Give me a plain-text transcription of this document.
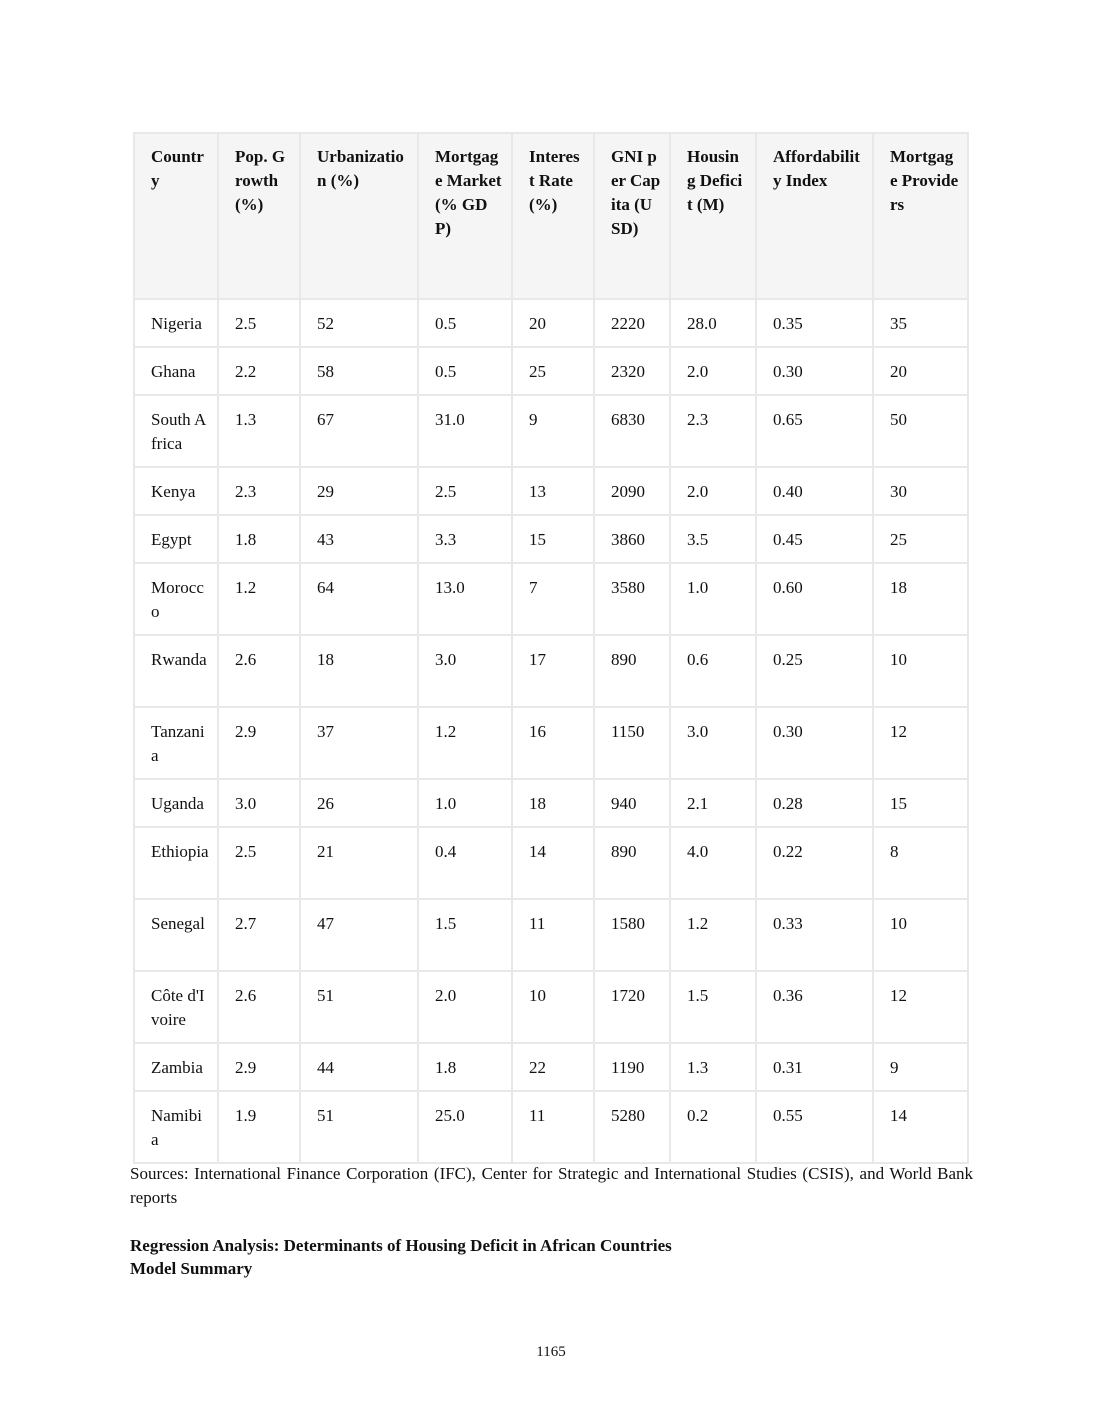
Country	Pop. Growth (%)	Urbanization (%)	Mortgage Market (% GDP)	Interest Rate (%)	GNI per Capita (USD)	Housing Deficit (M)	Affordability Index	Mortgage Providers
Nigeria	2.5	52	0.5	20	2220	28.0	0.35	35
Ghana	2.2	58	0.5	25	2320	2.0	0.30	20
South Africa	1.3	67	31.0	9	6830	2.3	0.65	50
Kenya	2.3	29	2.5	13	2090	2.0	0.40	30
Egypt	1.8	43	3.3	15	3860	3.5	0.45	25
Morocco	1.2	64	13.0	7	3580	1.0	0.60	18
Rwanda	2.6	18	3.0	17	890	0.6	0.25	10
Tanzania	2.9	37	1.2	16	1150	3.0	0.30	12
Uganda	3.0	26	1.0	18	940	2.1	0.28	15
Ethiopia	2.5	21	0.4	14	890	4.0	0.22	8
Senegal	2.7	47	1.5	11	1580	1.2	0.33	10
Côte d'Ivoire	2.6	51	2.0	10	1720	1.5	0.36	12
Zambia	2.9	44	1.8	22	1190	1.3	0.31	9
Namibia	1.9	51	25.0	11	5280	0.2	0.55	14

Sources: International Finance Corporation (IFC), Center for Strategic and International Studies (CSIS), and World Bank reports

Regression Analysis: Determinants of Housing Deficit in African Countries
Model Summary

1165
